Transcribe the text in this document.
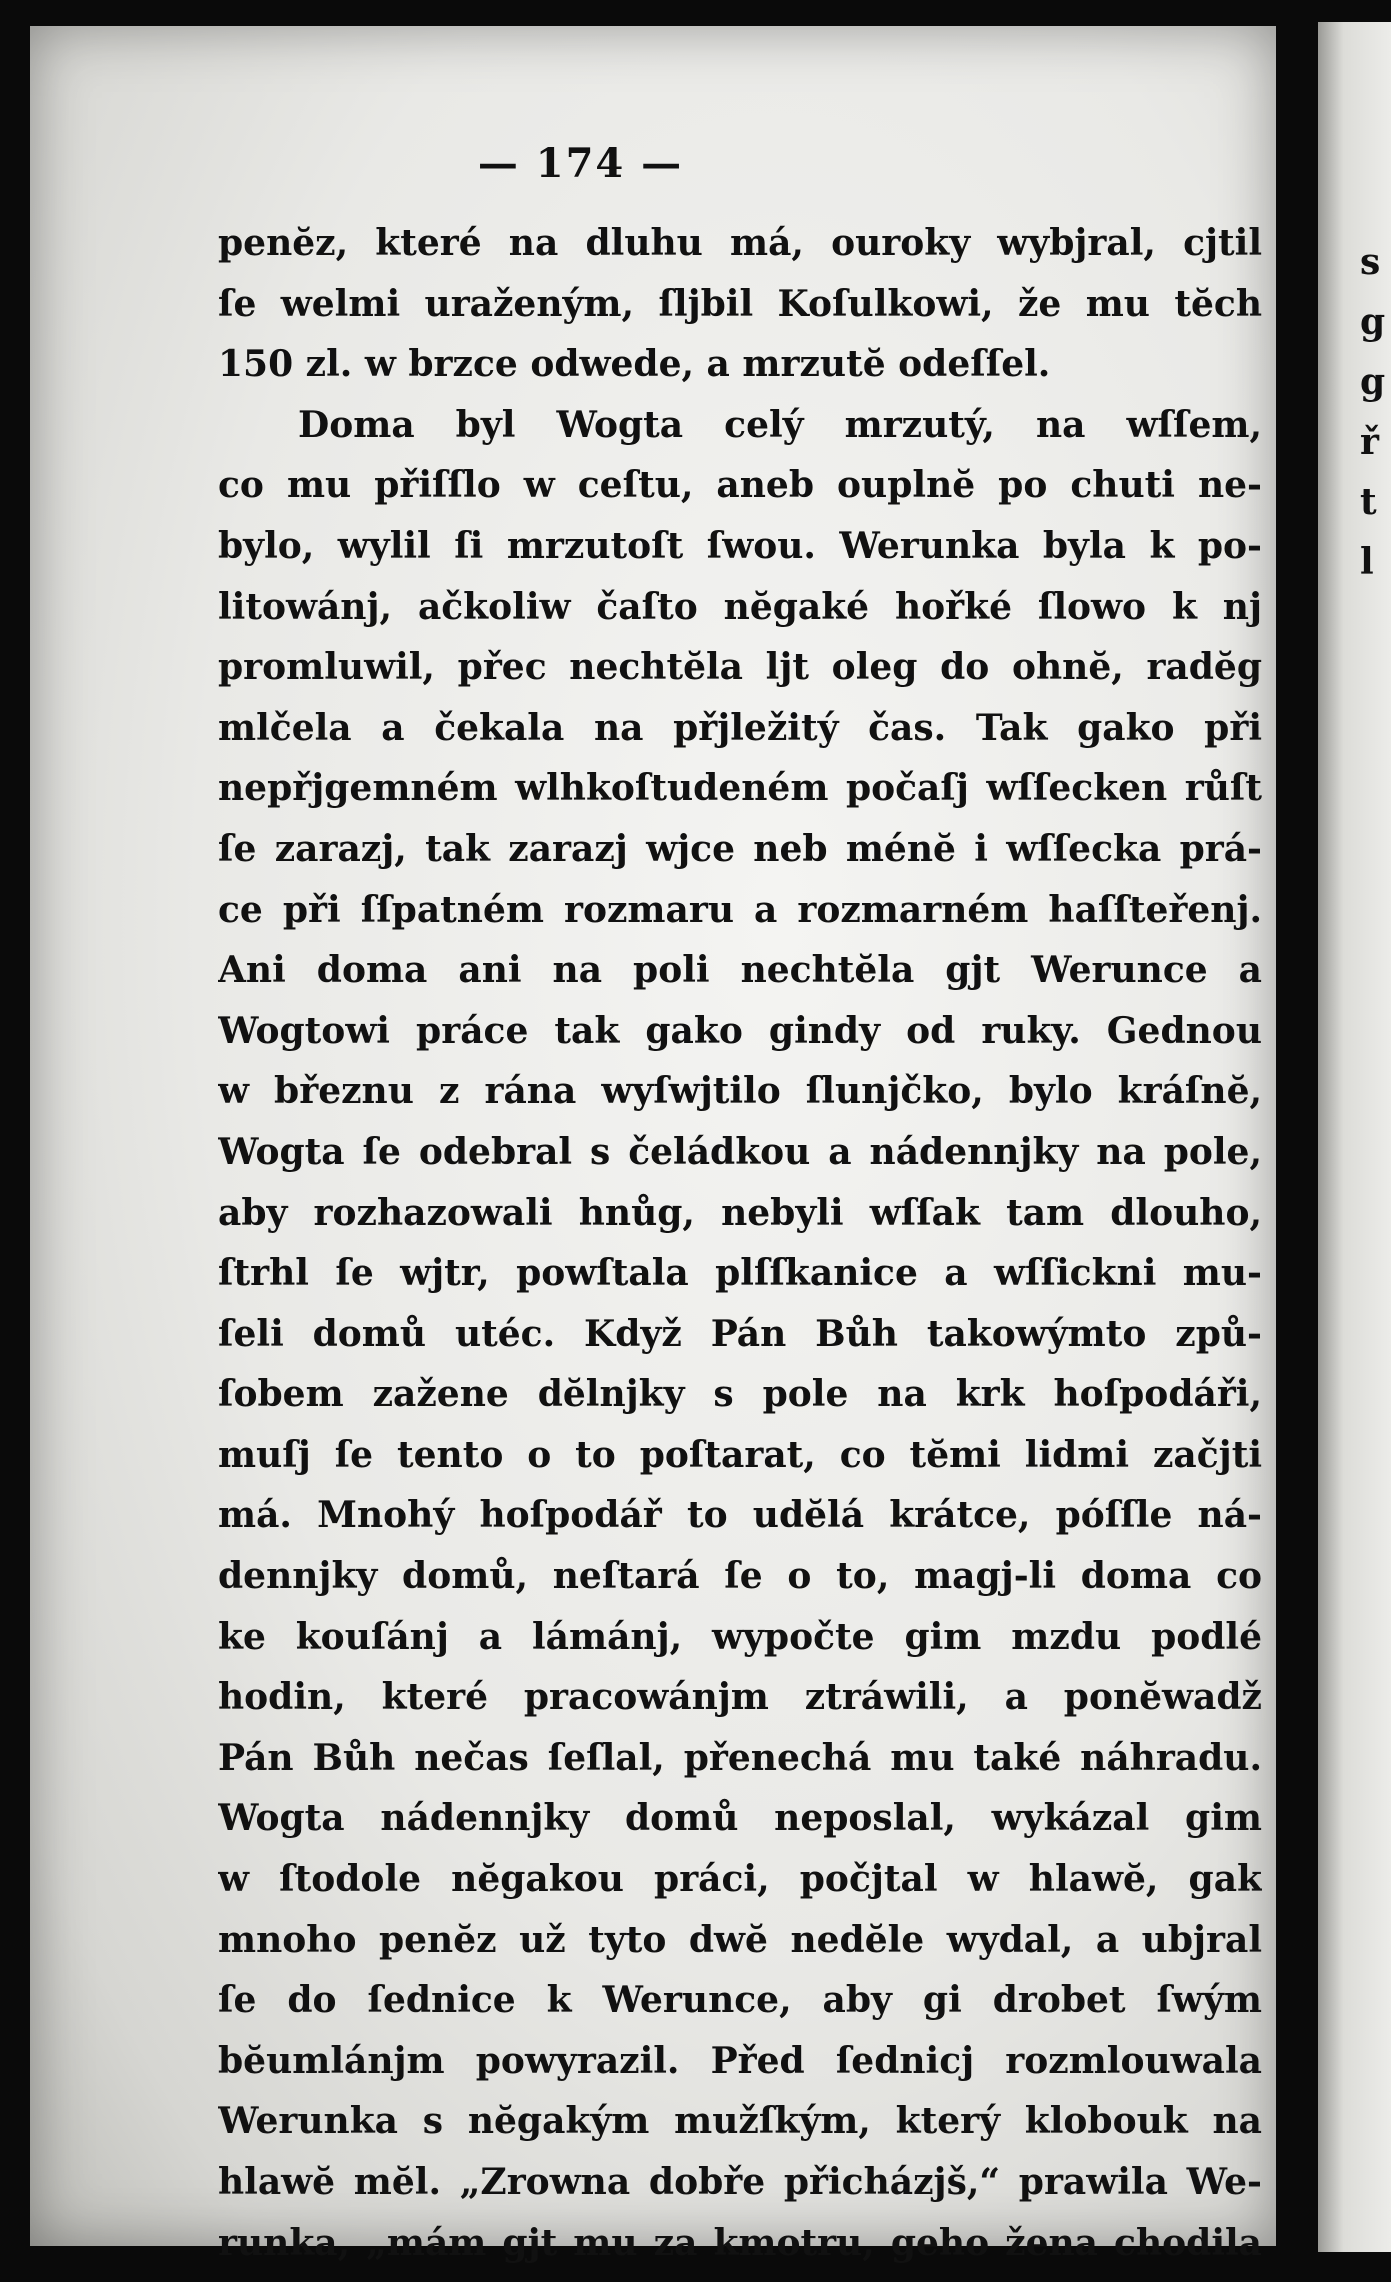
s
g
g
ř
t
l
— 174 —
penĕz, které na dluhu má, ouroky wybjral, cjtil
ſe welmi uraženým, ſljbil Koſulkowi, že mu tĕch
150 zl. w brzce odwede, a mrzutĕ odeſſel.
Doma byl Wogta celý mrzutý, na wſſem,
co mu přiſſlo w ceſtu, aneb ouplnĕ po chuti ne-
bylo, wylil ſi mrzutoſt ſwou. Werunka byla k po-
litowánj, ačkoliw čaſto nĕgaké hořké ſlowo k nj
promluwil, přec nechtĕla ljt oleg do ohnĕ, radĕg
mlčela a čekala na přjležitý čas. Tak gako při
nepřjgemném wlhkoſtudeném počaſj wſſecken růſt
ſe zarazj, tak zarazj wjce neb ménĕ i wſſecka prá-
ce při ſſpatném rozmaru a rozmarném haſſteřenj.
Ani doma ani na poli nechtĕla gjt Werunce a
Wogtowi práce tak gako gindy od ruky. Gednou
w březnu z rána wyſwjtilo ſlunjčko, bylo kráſnĕ,
Wogta ſe odebral s čeládkou a nádennjky na pole,
aby rozhazowali hnůg, nebyli wſſak tam dlouho,
ſtrhl ſe wjtr, powſtala plſſkanice a wſſickni mu-
ſeli domů utéc. Když Pán Bůh takowýmto způ-
ſobem zažene dĕlnjky s pole na krk hoſpodáři,
muſj ſe tento o to poſtarat, co tĕmi lidmi začjti
má. Mnohý hoſpodář to udĕlá krátce, póſſle ná-
dennjky domů, neſtará ſe o to, magj-li doma co
ke kouſánj a lámánj, wypočte gim mzdu podlé
hodin, které pracowánjm ztráwili, a ponĕwadž
Pán Bůh nečas ſeſlal, přenechá mu také náhradu.
Wogta nádennjky domů neposlal, wykázal gim
w ſtodole nĕgakou práci, počjtal w hlawĕ, gak
mnoho penĕz už tyto dwĕ nedĕle wydal, a ubjral
ſe do ſednice k Werunce, aby gi drobet ſwým
bĕumlánjm powyrazil. Před ſednicj rozmlouwala
Werunka s nĕgakým mužſkým, který klobouk na
hlawĕ mĕl. „Zrowna dobře přicházjš,“ prawila We-
runka, „mám gjt mu za kmotru, geho žena chodila
